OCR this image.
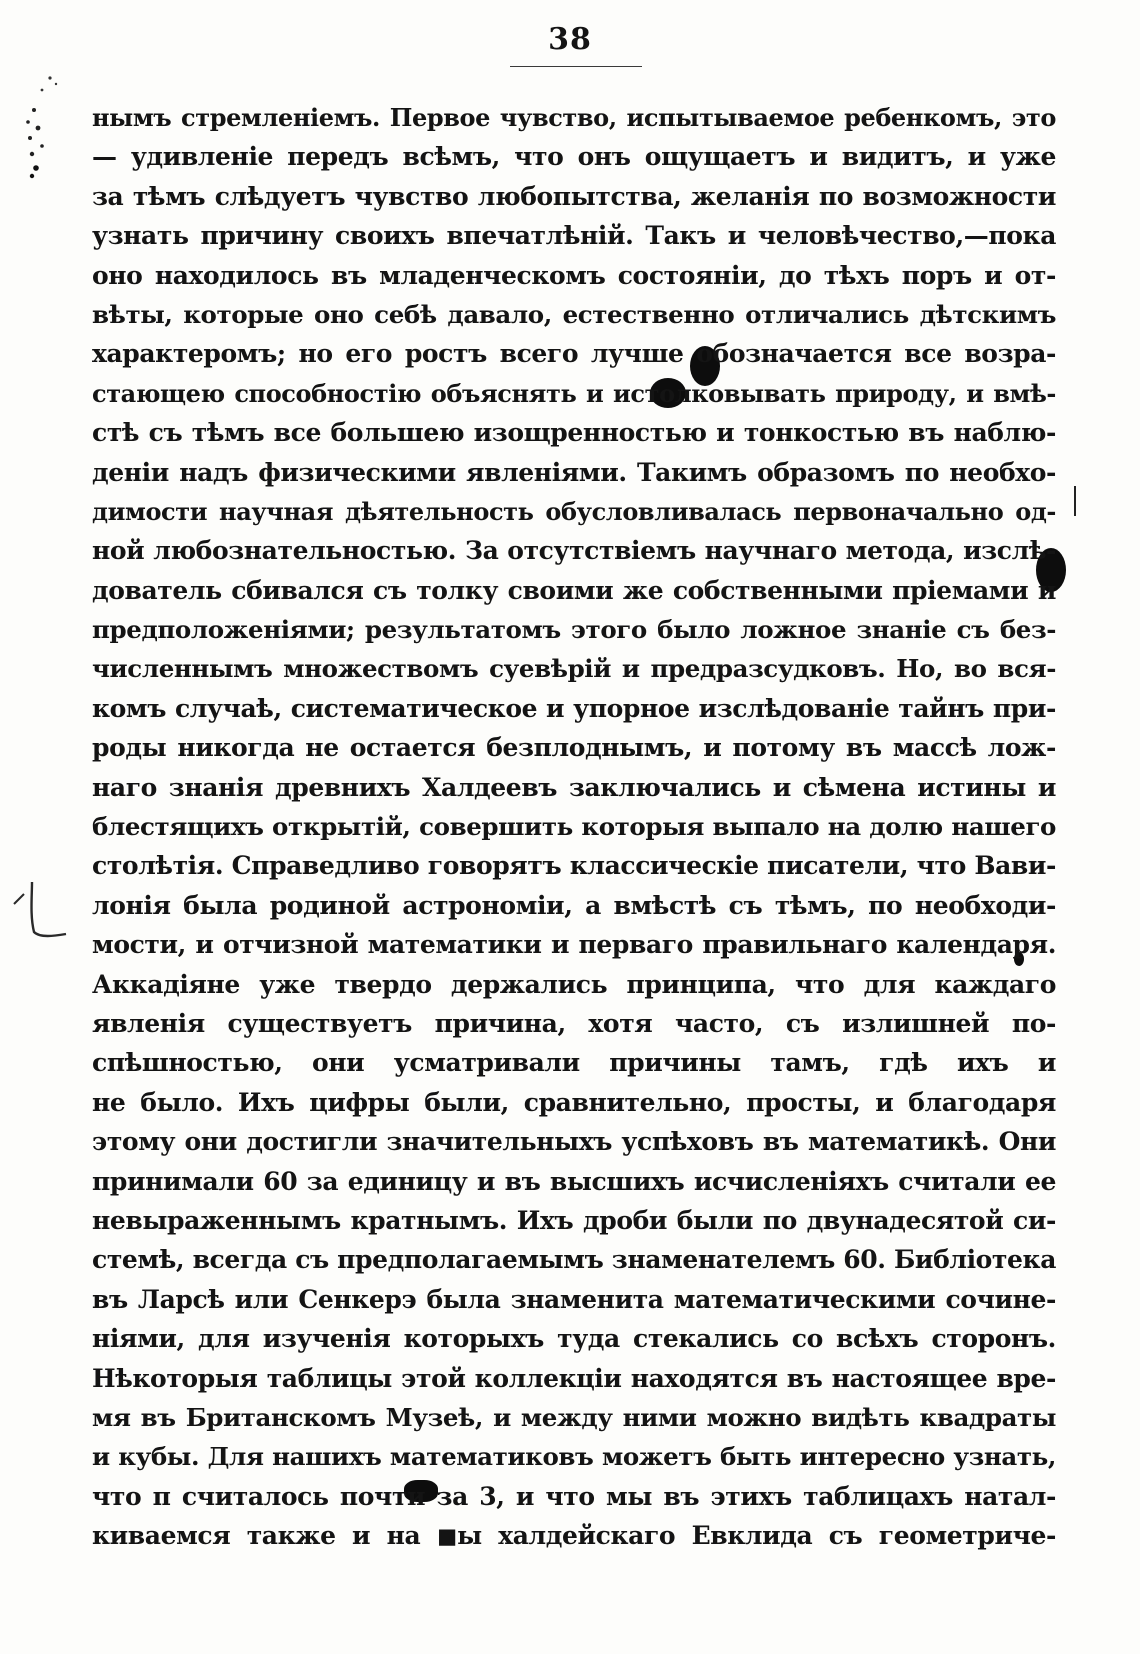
38
нымъ стремленіемъ. Первое чувство, испытываемое ребенкомъ, это
— удивленіе передъ всѣмъ, что онъ ощущаетъ и видитъ, и уже
за тѣмъ слѣдуетъ чувство любопытства, желанія по возможности
узнать причину своихъ впечатлѣній. Такъ и человѣчество,—пока
оно находилось въ младенческомъ состояніи, до тѣхъ поръ и от-
вѣты, которые оно себѣ давало, естественно отличались дѣтскимъ
характеромъ; но его ростъ всего лучше обозначается все возра-
стающею способностію объяснять и истолковывать природу, и вмѣ-
стѣ съ тѣмъ все большею изощренностью и тонкостью въ наблю-
деніи надъ физическими явленіями. Такимъ образомъ по необхо-
димости научная дѣятельность обусловливалась первоначально од-
ной любознательностью. За отсутствіемъ научнаго метода, изслѣ-
дователь сбивался съ толку своими же собственными пріемами и
предположеніями; результатомъ этого было ложное знаніе съ без-
численнымъ множествомъ суевѣрій и предразсудковъ. Но, во вся-
комъ случаѣ, систематическое и упорное изслѣдованіе тайнъ при-
роды никогда не остается безплоднымъ, и потому въ массѣ лож-
наго знанія древнихъ Халдеевъ заключались и сѣмена истины и
блестящихъ открытій, совершить которыя выпало на долю нашего
столѣтія. Справедливо говорятъ классическіе писатели, что Вави-
лонія была родиной астрономіи, а вмѣстѣ съ тѣмъ, по необходи-
мости, и отчизной математики и перваго правильнаго календаря.
Аккадіяне уже твердо держались принципа, что для каждаго
явленія существуетъ причина, хотя часто, съ излишней по-
спѣшностью, они усматривали причины тамъ, гдѣ ихъ и
не было. Ихъ цифры были, сравнительно, просты, и благодаря
этому они достигли значительныхъ успѣховъ въ математикѣ. Они
принимали 60 за единицу и въ высшихъ исчисленіяхъ считали ее
невыраженнымъ кратнымъ. Ихъ дроби были по двунадесятой си-
стемѣ, всегда съ предполагаемымъ знаменателемъ 60. Библіотека
въ Ларсѣ или Сенкерэ была знаменита математическими сочине-
ніями, для изученія которыхъ туда стекались со всѣхъ сторонъ.
Нѣкоторыя таблицы этой коллекціи находятся въ настоящее вре-
мя въ Британскомъ Музеѣ, и между ними можно видѣть квадраты
и кубы. Для нашихъ математиковъ можетъ быть интересно узнать,
что π считалось почти за 3, и что мы въ этихъ таблицахъ натал-
киваемся также и на ◼ы халдейскаго Евклида съ геометриче-
